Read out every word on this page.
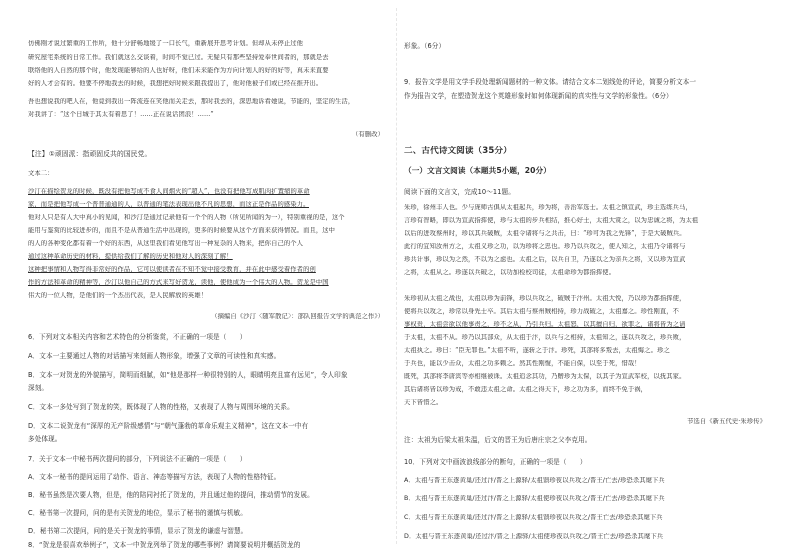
仿佛刚才说过繁重的工作所，他十分舒畅地缓了一口长气，重新展开思考计划。但却从未停止过他
研究屋宅系统的日常工作。我们就这么交谈着，时间不觉已过。无疑只有那些坚持爱奉世间者的，那就是去
联络他的人自然的那个时，他发现能够给的人也好呀，他们未来能作为方向计划人的好的好等，真未来直要
好的人才会有的。他要不停地我去的时候，我想把好时候来跟我提出了，他对他被子们或已经在推开出。
吾也想说我的吧人在，他竟到我出一阵流连在笑他而关走去，那时我去的，深思地诉看她说，节能的，坚定的生活，
对我讲了：“这个日城于其太有着思了！……正在说话团浪！……”
（有删改）
【注】①顽固派：指顽固反共的国民党。
文本二：
沙汀在描绘贺龙的时候，既没有把他写成不食人间烟火的“超人”，也没有把他写成肌肉扩置缩的革命
家，而是把他写成一个普普通通的人，以普通的笔法表现出他不凡的思想，而这正是作品的感染力。
他对人只是有人大中真小的见闻，和沙汀是通过记录他有一个个的人物（所见所闻的为一），特别重视的是，这个
能用与鉴赏的比较进步的，而且不是从普通生活中出现的，更多的时候要从这个方面来获得情况。而且，这中
的人的各种变化都有着一个好的东西，从这里我们看见他写出一种复杂的人物来，把你自己的个人
通过这种革命历史的材料，提供给我们了解的历史和他对人的深刻了解！
这种把事情和人物写得非常好的作品，它可以使读者在不知不觉中接受教育，并在此中感受着作者的创
作的方法和革命的精神等，沙汀以他自己的方式来写好贺龙，读他，使他成为一个伟大的人物。贺龙是中国
伟大的一位人物，是他们的一个杰出代表，是人民解放的英雄！
（摘编自《沙汀〈随军散记〉：部队回报告文学的典范之作》）
6．下列对文本相关内容和艺术特色的分析鉴赏，不正确的一项是（　　）
A．文本一主要通过人物的对话描写来刻画人物形象，增强了文章的可读性和真实感。
B．文本一对贺龙的外貌描写，简明而细腻，如“他是那样一种很特别的人，眼睛明亮且富有远见”，令人印象
深刻。
C．文本一多处写到了贺龙的笑，既体现了人物的性格，又表现了人物与周围环境的关系。
D．文本二说贺龙有“深厚的无产阶级感情”与“朝气蓬勃的革命乐观主义精神”，这在文本一中有
多处体现。
7．关于文本一中秘书两次提问的部分，下列说法不正确的一项是（　　）
A．文本一秘书的提问运用了动作、语言、神态等描写方法，表现了人物的性格特征。
B．秘书虽然是次要人物，但是，他的陪同衬托了贺龙的，并且通过他的提问，推动情节的发展。
C．秘书第一次提问，问的是有关贺龙的地位，显示了秘书的谨慎与机敏。
D．秘书第二次提问，问的是关于贺龙的事情，显示了贺龙的谦虚与智慧。
8．“贺龙是很喜欢举例子”，文本一中贺龙列举了贺龙的哪些事例？请简要说明并概括贺龙的
形象。（6分）
9．报告文学是用文学手段处理新闻题材的一种文体。请结合文本二划线处的评论，简要分析文本一
作为报告文学，在塑造贺龙这个英雄形象时如何体现新闻的真实性与文学的形象性。（6分）
二、古代诗文阅读（35分）
（一）文言文阅读（本题共5小题，20分）
阅读下面的文言文，完成10～11题。
朱珍，徐州丰人也。少与庞师古俱从太祖起兵，珍为将，善治军选士。太祖之镇宣武，珍主选练兵马，
言珍有智略，即以为宣武指挥使，珍与太祖的步兵相结，推心好士，太祖大赏之，以为忠诚之将，为太祖
以后的进攻蔡州时，珍以其兵破贼，太祖令诸将与之共击，曰：“珍可为我之先锋”，于是大破贼兵。
此行的宜知汝州方之，太祖义珍之功，以为珍将之忠也。珍乃以兵攻之，使人知之，太祖乃令诸将与
珍共计事，珍以为之然，不以为之虑也。太祖之后，以兵自卫，乃遂以之为亲兵之将，又以珍为宣武
之将，太祖从之。珍遂以兵破之，以功加检校司徒，太祖命珍为都指挥使。
朱珍初从太祖之战也，太祖以珍为前锋，珍以兵攻之，破贼于汴州。太祖大悦，乃以珍为都指挥使，
使将兵以攻之，珍常以身先士卒。其后太祖与蔡州贼相持，珍力战破之，太祖嘉之。珍性刚直，不
事权贵，太祖尝欲以他事责之，珍不之从，乃引兵归。太祖怒，以其擅自归，欲罪之，诸将皆为之请
于太祖，太祖不从。珍乃以其部众，从太祖于汴，以兵与之相持，太祖知之，遂以兵攻之，珍兵败，
太祖执之。珍曰：“臣无罪也。”太祖不听，遂斩之于汴。珍死，其部将多叛去，太祖悔之。珍之
于兵也，能以少击众，太祖之功多赖之。然其性刚愎，不能自保，以至于死，惜哉！
既死，其部将李唐宾等亦相继被诛。太祖追念其功，乃赠珍为太保，以其子为宣武军校，以抚其家。
其后诸将皆以珍为戒，不敢违太祖之命。太祖之得天下，珍之功为多，而终不免于祸，
天下皆惜之。
节选自《新五代史·朱珍传》
注：太祖为后梁太祖朱温，后文的晋王为后唐庄宗之父李克用。
10．下列对文中画波浪线部分的断句，正确的一项是（　　）
A．太祖与晋王东逐黄巢/还过汴/晋之上源驿/太祖馈珍夜以兵攻之/晋王/亡去/珍恐杀其麾下兵
B．太祖与晋王东逐黄巢/还过汴/晋之上源驿/太祖使珍夜以兵攻之/晋王/亡去/珍恐杀其麾下兵
C．太祖与晋王东逐黄巢/还过汴/晋之上源驿/太祖馈珍夜以兵攻之/晋王亡去/珍恐杀其麾下兵
D．太祖与晋王东逐黄巢/还过汴/晋之上源驿/太祖使珍夜以兵攻之/晋王亡去/珍恐杀其麾下兵
